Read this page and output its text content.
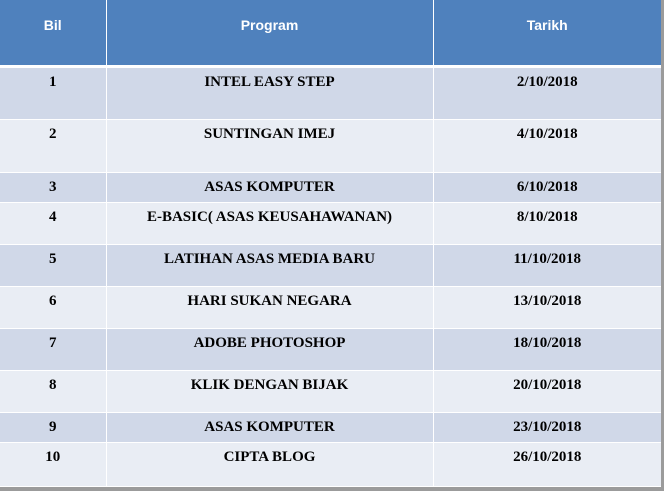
Bil	Program	Tarikh
1	INTEL EASY STEP	2/10/2018
2	SUNTINGAN IMEJ	4/10/2018
3	ASAS KOMPUTER	6/10/2018
4	E-BASIC( ASAS KEUSAHAWANAN)	8/10/2018
5	LATIHAN ASAS MEDIA BARU	11/10/2018
6	HARI SUKAN NEGARA	13/10/2018
7	ADOBE PHOTOSHOP	18/10/2018
8	KLIK DENGAN BIJAK	20/10/2018
9	ASAS KOMPUTER	23/10/2018
10	CIPTA BLOG	26/10/2018
